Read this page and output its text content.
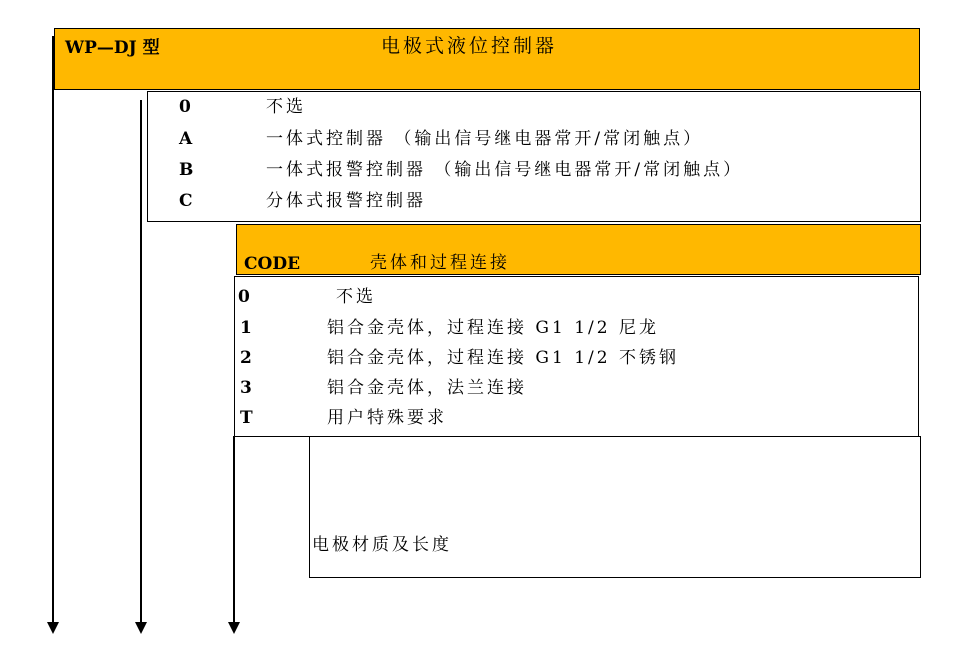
WP—DJ 型	电极式液位控制器
0	不选
A	一体式控制器 （输出信号继电器常开/常闭触点）
B	一体式报警控制器 （输出信号继电器常开/常闭触点）
C	分体式报警控制器
CODE	壳体和过程连接
0	不选
1	铝合金壳体，过程连接 G1 1/2 尼龙
2	铝合金壳体，过程连接 G1 1/2 不锈钢
3	铝合金壳体，法兰连接
T	用户特殊要求
电极材质及长度
